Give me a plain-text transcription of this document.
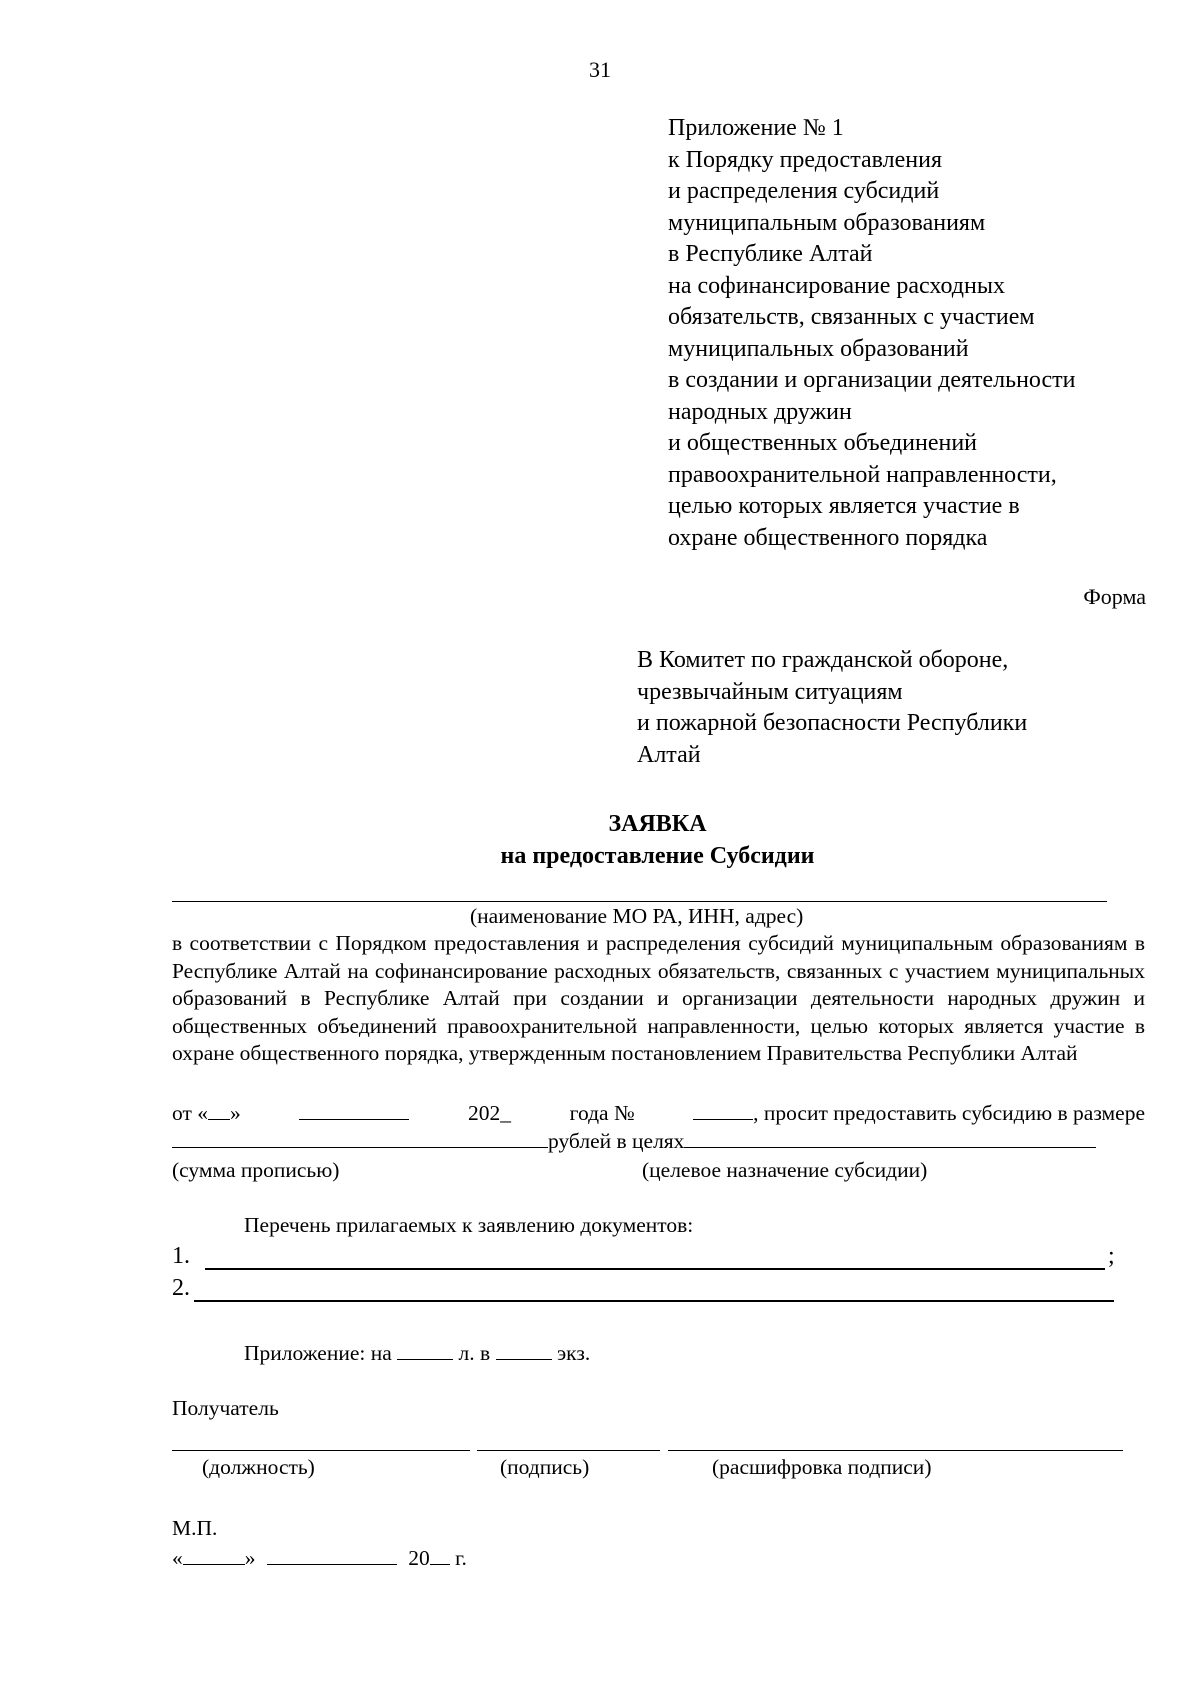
31
Приложение № 1
к Порядку предоставления
и распределения субсидий
муниципальным образованиям
в Республике Алтай
на софинансирование расходных
обязательств, связанных с участием
муниципальных образований
в создании и организации деятельности
народных дружин
и общественных объединений
правоохранительной направленности,
целью которых является участие в
охране общественного порядка
Форма
В Комитет по гражданской обороне,
чрезвычайным ситуациям
и пожарной безопасности Республики
Алтай
ЗАЯВКА
на предоставление Субсидии
(наименование МО РА, ИНН, адрес)

в соответствии с Порядком предоставления и распределения субсидий муниципальным образованиям в Республике Алтай на софинансирование расходных обязательств, связанных с участием муниципальных образований в Республике Алтай при создании и организации деятельности народных дружин и общественных объединений правоохранительной направленности, целью которых является участие в охране общественного порядка, утвержденным постановлением Правительства Республики Алтай

от « »	202_	года №	, просит предоставить субсидию в размере
рублей в целях
(сумма прописью)	(целевое назначение субсидии)
Перечень прилагаемых к заявлению документов:
1.	;
2.
Приложение: на	л. в	экз.
Получатель
(должность)	(подпись)	(расшифровка подписи)
М.П.
«	»	20 г.
